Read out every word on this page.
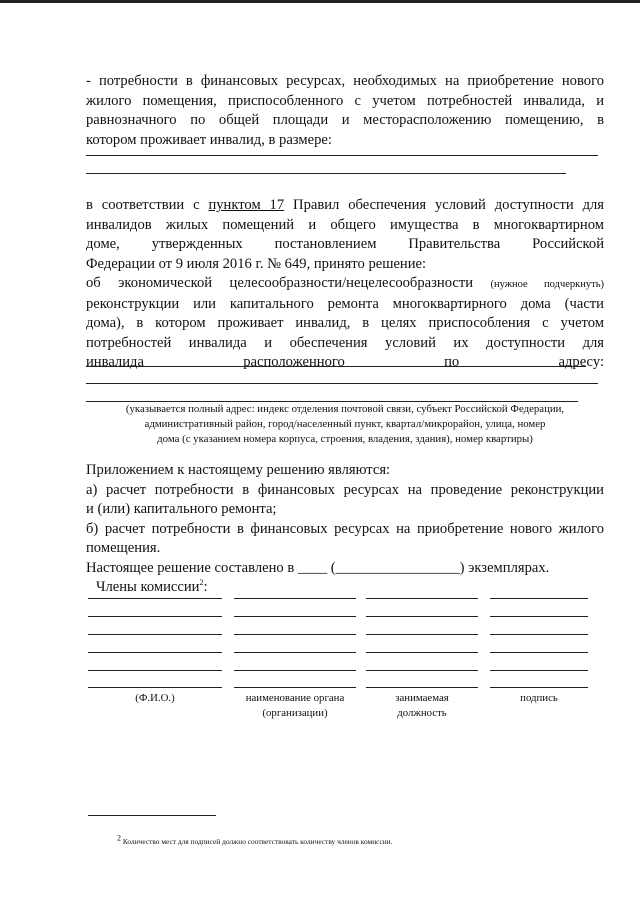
- потребности в финансовых ресурсах, необходимых на приобретение нового
жилого помещения, приспособленного с учетом потребностей инвалида, и
равнозначного по общей площади и месторасположению помещению, в
котором проживает инвалид, в размере:
в соответствии с пунктом 17 Правил обеспечения условий доступности для
инвалидов жилых помещений и общего имущества в многоквартирном
доме, утвержденных постановлением Правительства Российской
Федерации от 9 июля 2016 г. № 649, принято решение:
об экономической целесообразности/нецелесообразности (нужное подчеркнуть)
реконструкции или капитального ремонта многоквартирного дома (части
дома), в котором проживает инвалид, в целях приспособления с учетом
потребностей инвалида и обеспечения условий их доступности для
инвалида расположенного по адресу:
(указывается полный адрес: индекс отделения почтовой связи, субъект Российской Федерации,
административный район, город/населенный пункт, квартал/микрорайон, улица, номер
дома (с указанием номера корпуса, строения, владения, здания), номер квартиры)
Приложением к настоящему решению являются:
а) расчет потребности в финансовых ресурсах на проведение реконструкции
и (или) капитального ремонта;
б) расчет потребности в финансовых ресурсах на приобретение нового жилого
помещения.
Настоящее решение составлено в ____ (_________________) экземплярах.
Члены комиссии$^2$:
(Ф.И.О.)	наименование органа
(организации)
занимаемая
должность
подпись
$^2$ Количество мест для подписей должно соответствовать количеству членов комиссии.
